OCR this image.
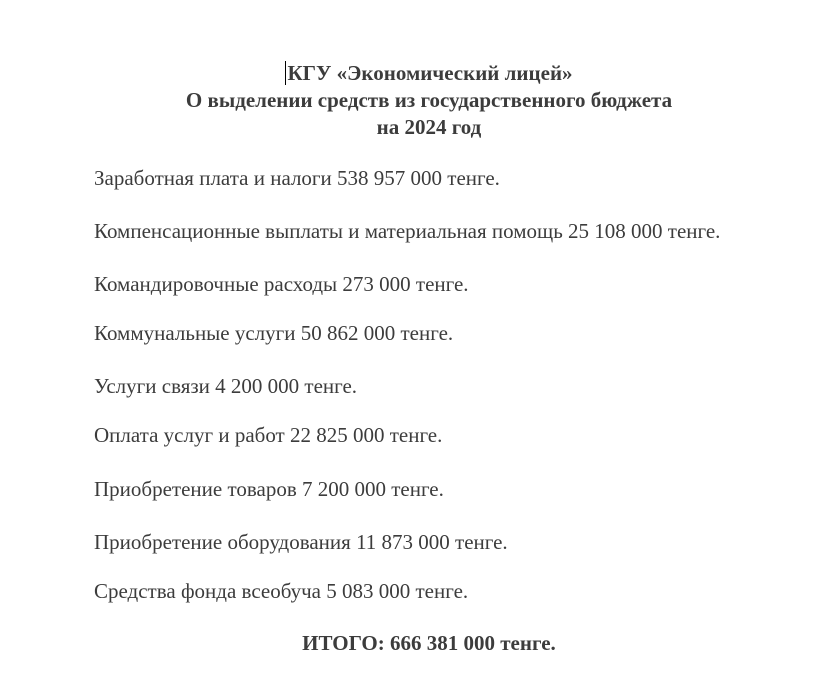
КГУ «Экономический лицей»
О выделении средств из государственного бюджета
на 2024 год
Заработная плата и налоги 538 957 000 тенге.
Компенсационные выплаты и материальная помощь 25 108 000 тенге.
Командировочные расходы 273 000 тенге.
Коммунальные услуги 50 862 000 тенге.
Услуги связи 4 200 000 тенге.
Оплата услуг и работ 22 825 000 тенге.
Приобретение товаров 7 200 000 тенге.
Приобретение оборудования 11 873 000 тенге.
Средства фонда всеобуча 5 083 000 тенге.
ИТОГО: 666 381 000 тенге.
